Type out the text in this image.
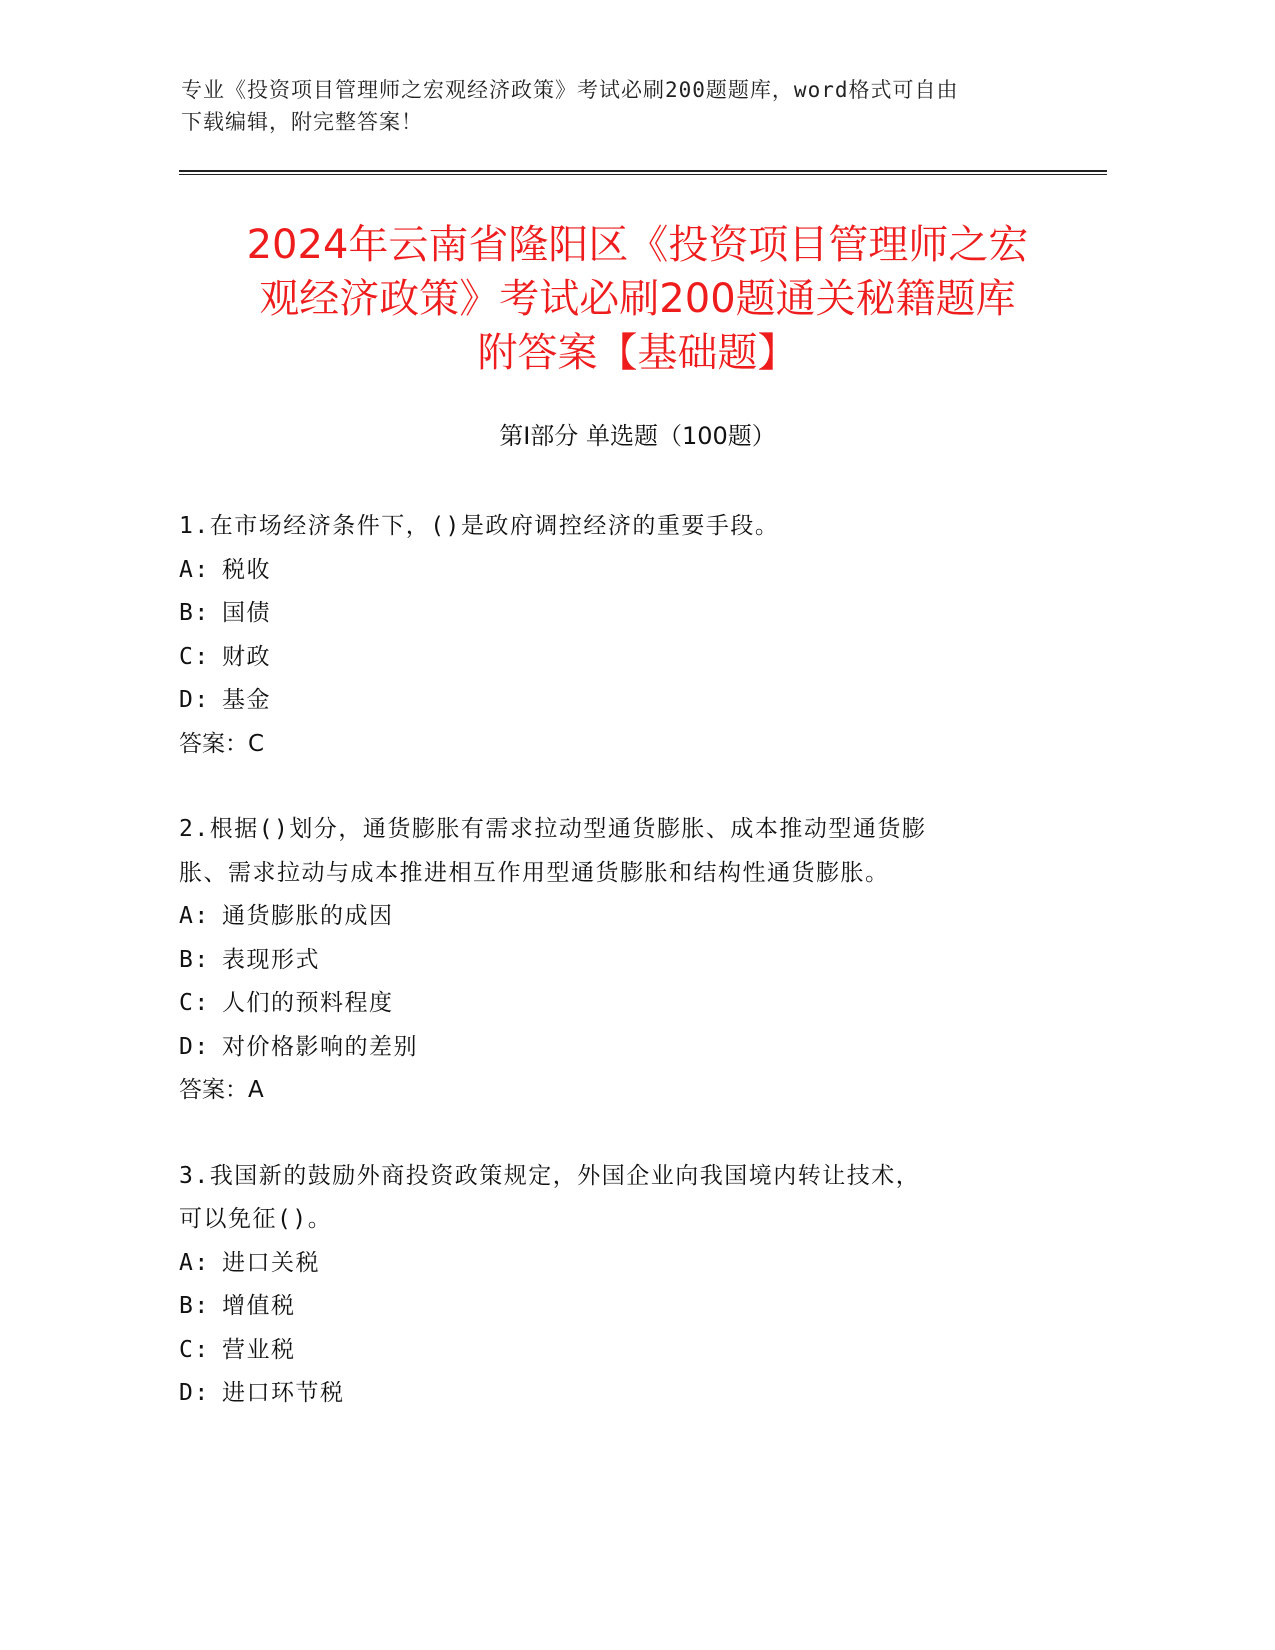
专业《投资项目管理师之宏观经济政策》考试必刷200题题库，word格式可自由
下载编辑，附完整答案！
2024年云南省隆阳区《投资项目管理师之宏
观经济政策》考试必刷200题通关秘籍题库
附答案【基础题】
第Ⅰ部分 单选题（100题）
1.在市场经济条件下，()是政府调控经济的重要手段。
A: 税收
B: 国债
C: 财政
D: 基金
答案：C
2.根据()划分，通货膨胀有需求拉动型通货膨胀、成本推动型通货膨
胀、需求拉动与成本推进相互作用型通货膨胀和结构性通货膨胀。
A: 通货膨胀的成因
B: 表现形式
C: 人们的预料程度
D: 对价格影响的差别
答案：A
3.我国新的鼓励外商投资政策规定，外国企业向我国境内转让技术，
可以免征()。
A: 进口关税
B: 增值税
C: 营业税
D: 进口环节税
